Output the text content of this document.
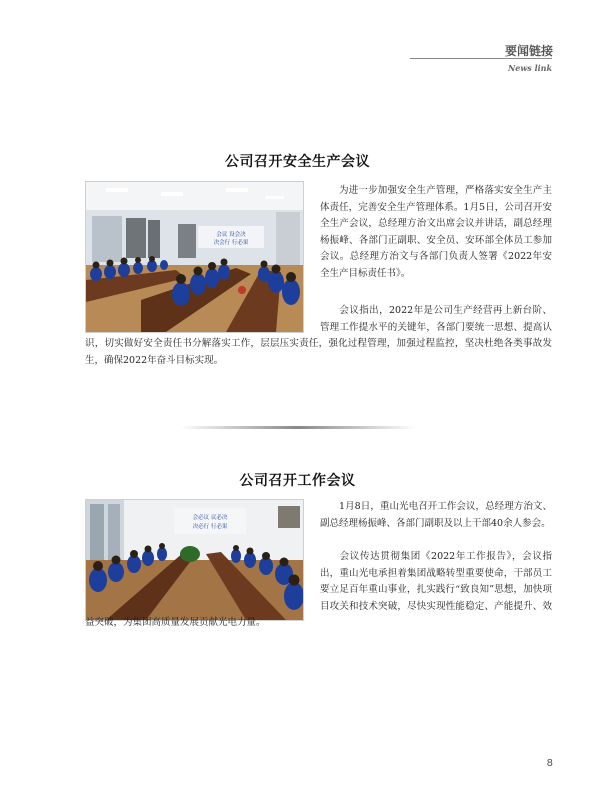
要闻链接
News link
公司召开安全生产会议
会议 设会决
决会行 行必果

为进一步加强安全生产管理，严格落实安全生产主体责任，完善安全生产管理体系。1月5日，公司召开安全生产会议，总经理方治文出席会议并讲话，副总经理杨振峰、各部门正副职、安全员、安环部全体员工参加会议。总经理方治文与各部门负责人签署《2022年安全生产目标责任书》。

会议指出，2022年是公司生产经营再上新台阶、管理工作提水平的关键年，各部门要统一思想、提高认识，切实做好安全责任书分解落实工作，层层压实责任，强化过程管理，加强过程监控，坚决杜绝各类事故发生，确保2022年奋斗目标实现。
公司召开工作会议
会必议 议必决
决必行 行必果

1月8日，重山光电召开工作会议，总经理方治文、副总经理杨振峰、各部门副职及以上干部40余人参会。

会议传达贯彻集团《2022年工作报告》，会议指出，重山光电承担着集团战略转型重要使命，干部员工要立足百年重山事业，扎实践行“致良知”思想，加快项目攻关和技术突破，尽快实现性能稳定、产能提升、效益突破，为集团高质量发展贡献光电力量。
8
